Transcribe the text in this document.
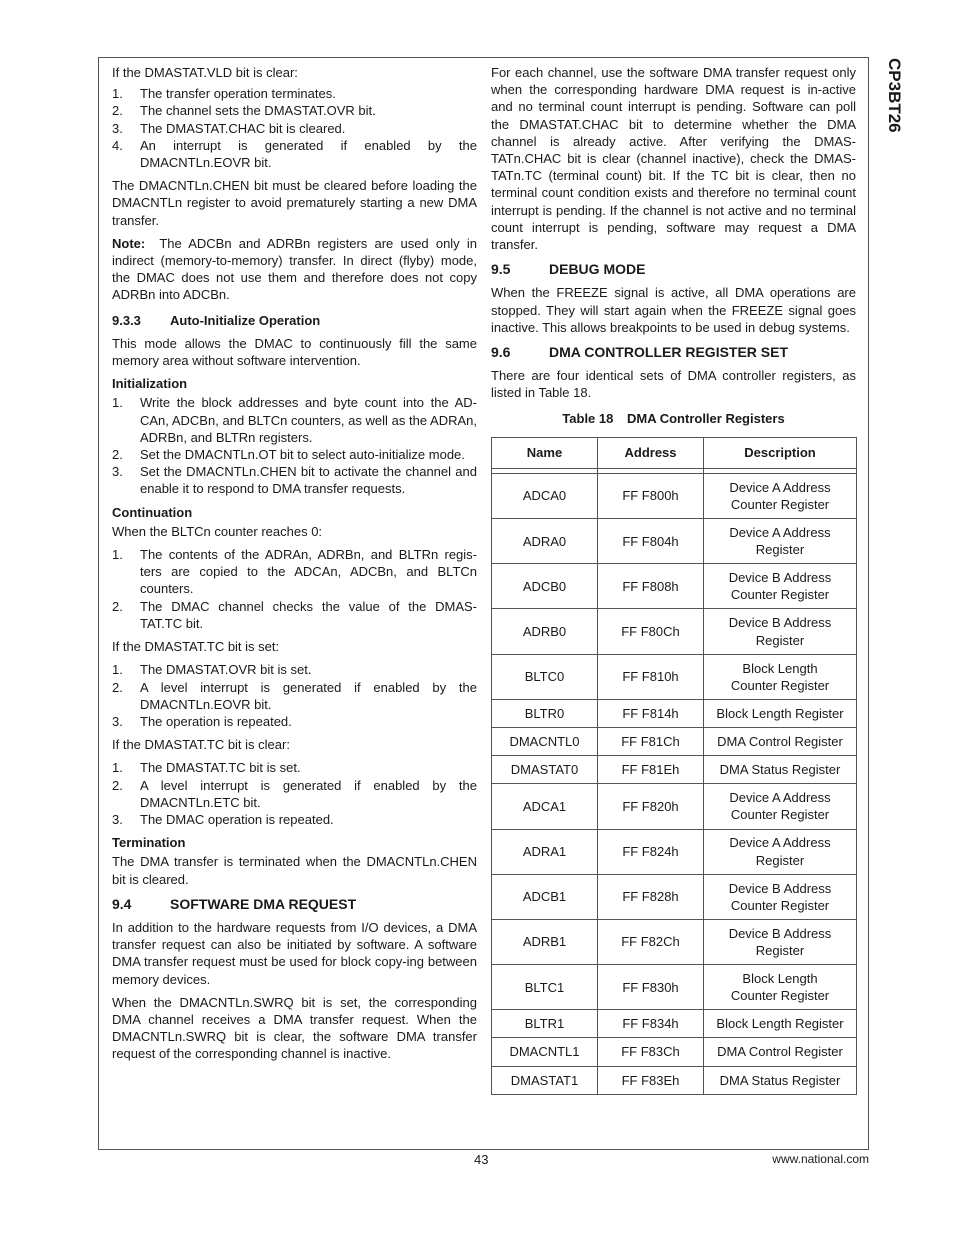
CP3BT26

If the DMASTAT.VLD bit is clear:

1.	The transfer operation terminates.
2.	The channel sets the DMASTAT.OVR bit.
3.	The DMASTAT.CHAC bit is cleared.
4.	An interrupt is generated if enabled by the DMACNTLn.EOVR bit.

The DMACNTLn.CHEN bit must be cleared before loading the DMACNTLn register to avoid prematurely starting a new DMA transfer.

Note: The ADCBn and ADRBn registers are used only in indirect (memory-to-memory) transfer. In direct (flyby) mode, the DMAC does not use them and therefore does not copy ADRBn into ADCBn.

9.3.3	Auto-Initialize Operation

This mode allows the DMAC to continuously fill the same memory area without software intervention.

Initialization
1.	Write the block addresses and byte count into the AD-CAn, ADCBn, and BLTCn counters, as well as the ADRAn, ADRBn, and BLTRn registers.
2.	Set the DMACNTLn.OT bit to select auto-initialize mode.
3.	Set the DMACNTLn.CHEN bit to activate the channel and enable it to respond to DMA transfer requests.
Continuation

When the BLTCn counter reaches 0:

1.	The contents of the ADRAn, ADRBn, and BLTRn regis-ters are copied to the ADCAn, ADCBn, and BLTCn counters.
2.	The DMAC channel checks the value of the DMAS-TAT.TC bit.

If the DMASTAT.TC bit is set:

1.	The DMASTAT.OVR bit is set.
2.	A level interrupt is generated if enabled by the DMACNTLn.EOVR bit.
3.	The operation is repeated.

If the DMASTAT.TC bit is clear:

1.	The DMASTAT.TC bit is set.
2.	A level interrupt is generated if enabled by the DMACNTLn.ETC bit.
3.	The DMAC operation is repeated.
Termination

The DMA transfer is terminated when the DMACNTLn.CHEN bit is cleared.

9.4	SOFTWARE DMA REQUEST

In addition to the hardware requests from I/O devices, a DMA transfer request can also be initiated by software. A software DMA transfer request must be used for block copy-ing between memory devices.

When the DMACNTLn.SWRQ bit is set, the corresponding DMA channel receives a DMA transfer request. When the DMACNTLn.SWRQ bit is clear, the software DMA transfer request of the corresponding channel is inactive.

For each channel, use the software DMA transfer request only when the corresponding hardware DMA request is in-active and no terminal count interrupt is pending. Software can poll the DMASTAT.CHAC bit to determine whether the DMA channel is already active. After verifying the DMAS-TATn.CHAC bit is clear (channel inactive), check the DMAS-TATn.TC (terminal count) bit. If the TC bit is clear, then no terminal count condition exists and therefore no terminal count interrupt is pending. If the channel is not active and no terminal count interrupt is pending, software may request a DMA transfer.

9.5	DEBUG MODE

When the FREEZE signal is active, all DMA operations are stopped. They will start again when the FREEZE signal goes inactive. This allows breakpoints to be used in debug systems.

9.6	DMA CONTROLLER REGISTER SET

There are four identical sets of DMA controller registers, as listed in Table 18.

Table 18 DMA Controller Registers
Name	Address	Description

ADCA0	FF F800h	Device A Address Counter Register
ADRA0	FF F804h	Device A Address Register
ADCB0	FF F808h	Device B Address Counter Register
ADRB0	FF F80Ch	Device B Address Register
BLTC0	FF F810h	Block Length Counter Register
BLTR0	FF F814h	Block Length Register
DMACNTL0	FF F81Ch	DMA Control Register
DMASTAT0	FF F81Eh	DMA Status Register
ADCA1	FF F820h	Device A Address Counter Register
ADRA1	FF F824h	Device A Address Register
ADCB1	FF F828h	Device B Address Counter Register
ADRB1	FF F82Ch	Device B Address Register
BLTC1	FF F830h	Block Length Counter Register
BLTR1	FF F834h	Block Length Register
DMACNTL1	FF F83Ch	DMA Control Register
DMASTAT1	FF F83Eh	DMA Status Register
43	www.national.com
